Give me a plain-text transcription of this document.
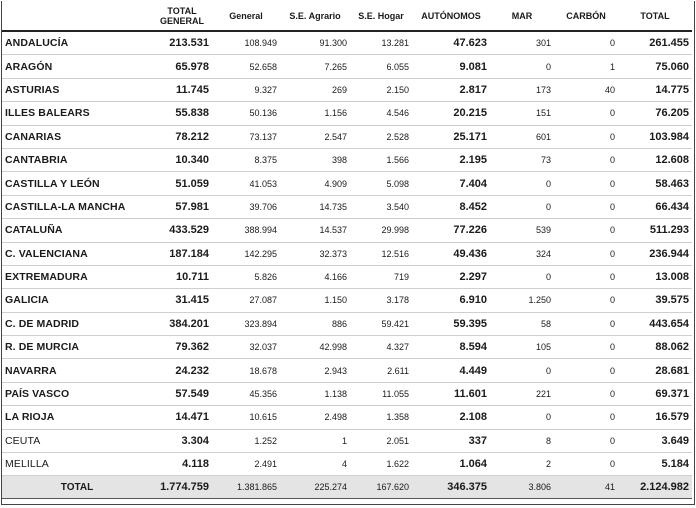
	TOTAL GENERAL	General	S.E. Agrario	S.E. Hogar	AUTÓNOMOS	MAR	CARBÓN	TOTAL
ANDALUCÍA	213.531	108.949	91.300	13.281	47.623	301	0	261.455
ARAGÓN	65.978	52.658	7.265	6.055	9.081	0	1	75.060
ASTURIAS	11.745	9.327	269	2.150	2.817	173	40	14.775
ILLES BALEARS	55.838	50.136	1.156	4.546	20.215	151	0	76.205
CANARIAS	78.212	73.137	2.547	2.528	25.171	601	0	103.984
CANTABRIA	10.340	8.375	398	1.566	2.195	73	0	12.608
CASTILLA Y LEÓN	51.059	41.053	4.909	5.098	7.404	0	0	58.463
CASTILLA-LA MANCHA	57.981	39.706	14.735	3.540	8.452	0	0	66.434
CATALUÑA	433.529	388.994	14.537	29.998	77.226	539	0	511.293
C. VALENCIANA	187.184	142.295	32.373	12.516	49.436	324	0	236.944
EXTREMADURA	10.711	5.826	4.166	719	2.297	0	0	13.008
GALICIA	31.415	27.087	1.150	3.178	6.910	1.250	0	39.575
C. DE MADRID	384.201	323.894	886	59.421	59.395	58	0	443.654
R. DE MURCIA	79.362	32.037	42.998	4.327	8.594	105	0	88.062
NAVARRA	24.232	18.678	2.943	2.611	4.449	0	0	28.681
PAÍS VASCO	57.549	45.356	1.138	11.055	11.601	221	0	69.371
LA RIOJA	14.471	10.615	2.498	1.358	2.108	0	0	16.579
CEUTA	3.304	1.252	1	2.051	337	8	0	3.649
MELILLA	4.118	2.491	4	1.622	1.064	2	0	5.184
TOTAL	1.774.759	1.381.865	225.274	167.620	346.375	3.806	41	2.124.982
